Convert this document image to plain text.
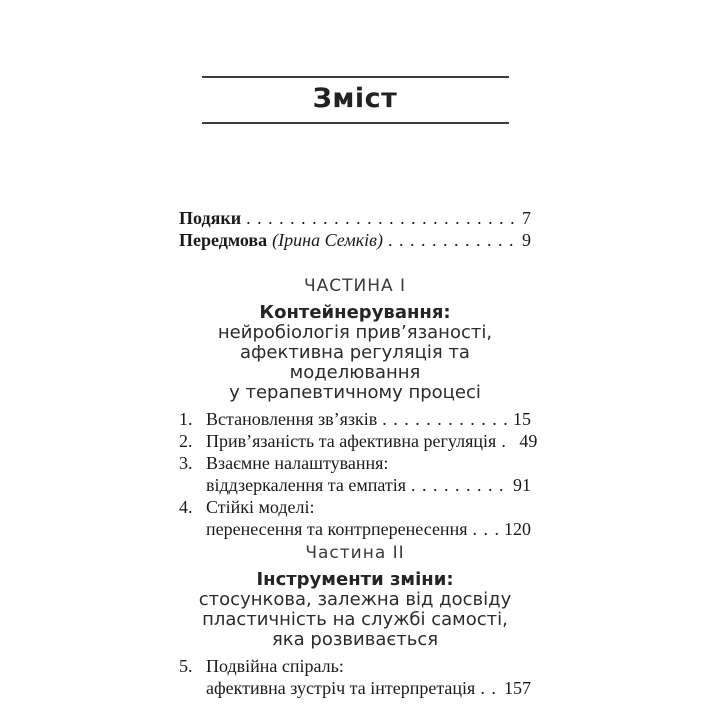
Зміст
Подяки . . .	7
Передмова (Ірина Семків) . . .	9
ЧАСТИНА I
Контейнерування:
нейробіологія прив’язаності,
афективна регуляція та моделювання
у терапевтичному процесі
1. Встановлення зв’язків . . .	15
2. Прив’язаність та афективна регуляція . . .	49
3. Взаємне налаштування:
віддзеркалення та емпатія . . .	91
4. Стійкі моделі:
перенесення та контрперенесення . . .	120
Частина II
Інструменти зміни:
стосункова, залежна від досвіду
пластичність на службі самості,
яка розвивається
5. Подвійна спіраль:
афективна зустріч та інтерпретація . . .	157
